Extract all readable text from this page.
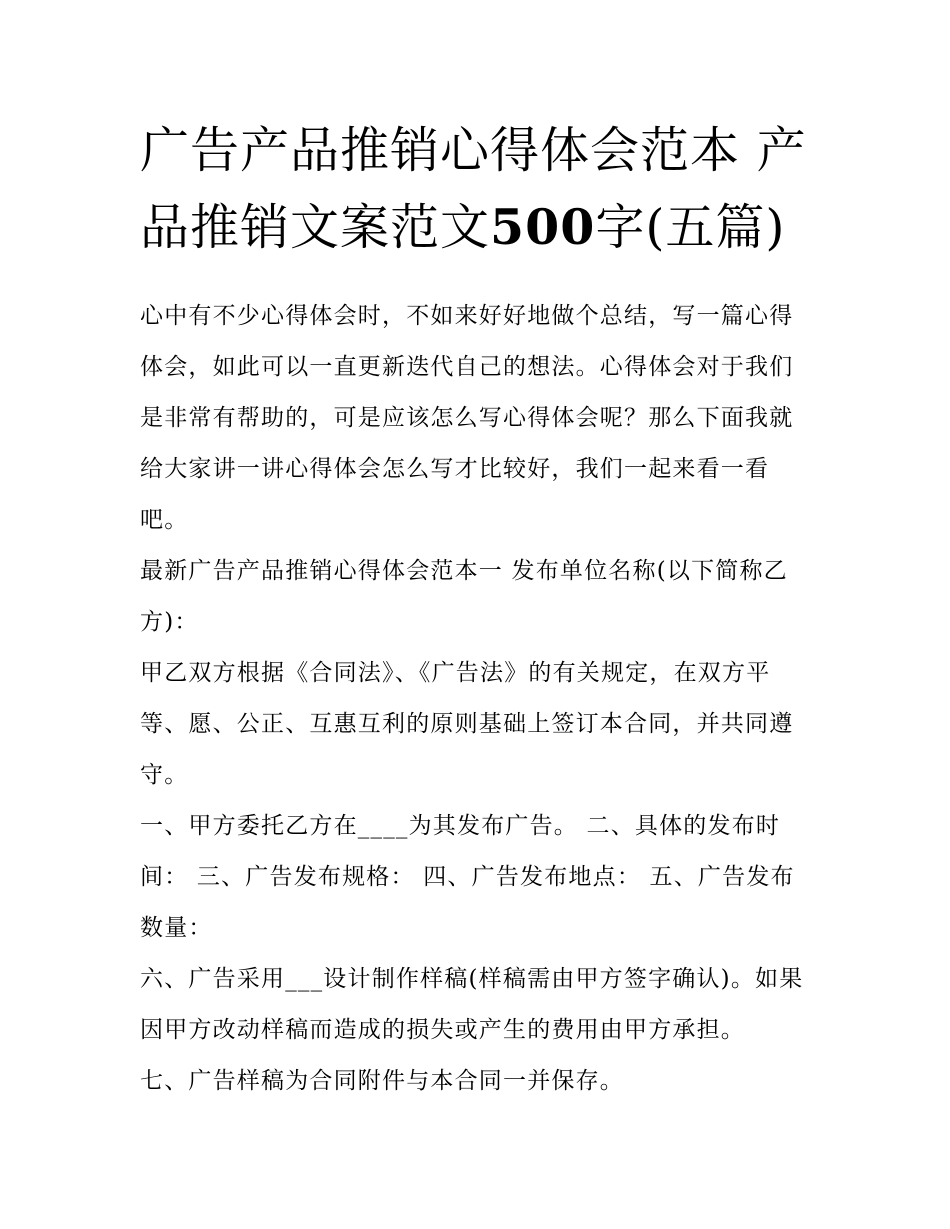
广告产品推销心得体会范本 产品推销文案范文500字(五篇)

心中有不少心得体会时，不如来好好地做个总结，写一篇心得体会，如此可以一直更新迭代自己的想法。心得体会对于我们是非常有帮助的，可是应该怎么写心得体会呢？那么下面我就给大家讲一讲心得体会怎么写才比较好，我们一起来看一看吧。

最新广告产品推销心得体会范本一 发布单位名称(以下简称乙方)：

甲乙双方根据《合同法》、《广告法》的有关规定，在双方平等、愿、公正、互惠互利的原则基础上签订本合同，并共同遵守。

一、甲方委托乙方在____为其发布广告。 二、具体的发布时间： 三、广告发布规格： 四、广告发布地点： 五、广告发布数量：

六、广告采用___设计制作样稿(样稿需由甲方签字确认)。如果因甲方改动样稿而造成的损失或产生的费用由甲方承担。

七、广告样稿为合同附件与本合同一并保存。
